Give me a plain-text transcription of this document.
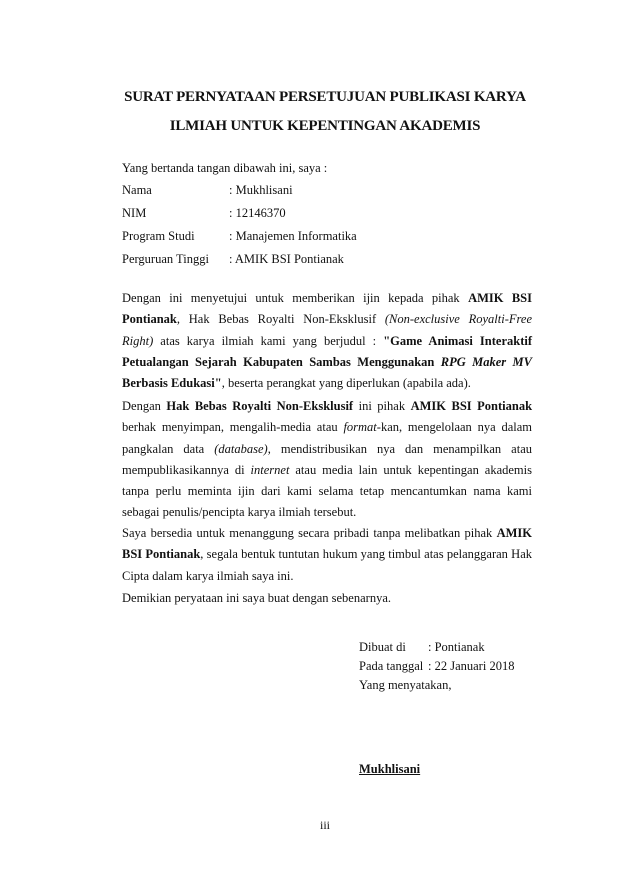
SURAT PERNYATAAN PERSETUJUAN PUBLIKASI KARYA
ILMIAH UNTUK KEPENTINGAN AKADEMIS
Yang bertanda tangan dibawah ini, saya :
Nama	: Mukhlisani
NIM	: 12146370
Program Studi	: Manajemen Informatika
Perguruan Tinggi : AMIK BSI Pontianak
Dengan ini menyetujui untuk memberikan ijin kepada pihak AMIK BSI Pontianak, Hak Bebas Royalti Non-Eksklusif (Non-exclusive Royalti-Free Right) atas karya ilmiah kami yang berjudul : "Game Animasi Interaktif Petualangan Sejarah Kabupaten Sambas Menggunakan RPG Maker MV Berbasis Edukasi", beserta perangkat yang diperlukan (apabila ada).
Dengan Hak Bebas Royalti Non-Eksklusif ini pihak AMIK BSI Pontianak berhak menyimpan, mengalih-media atau format-kan, mengelolaan nya dalam pangkalan data (database), mendistribusikan nya dan menampilkan atau mempublikasikannya di internet atau media lain untuk kepentingan akademis tanpa perlu meminta ijin dari kami selama tetap mencantumkan nama kami sebagai penulis/pencipta karya ilmiah tersebut.
Saya bersedia untuk menanggung secara pribadi tanpa melibatkan pihak AMIK BSI Pontianak, segala bentuk tuntutan hukum yang timbul atas pelanggaran Hak Cipta dalam karya ilmiah saya ini.
Demikian peryataan ini saya buat dengan sebenarnya.
Dibuat di : Pontianak
Pada tanggal : 22 Januari 2018
Yang menyatakan,
Mukhlisani
iii
